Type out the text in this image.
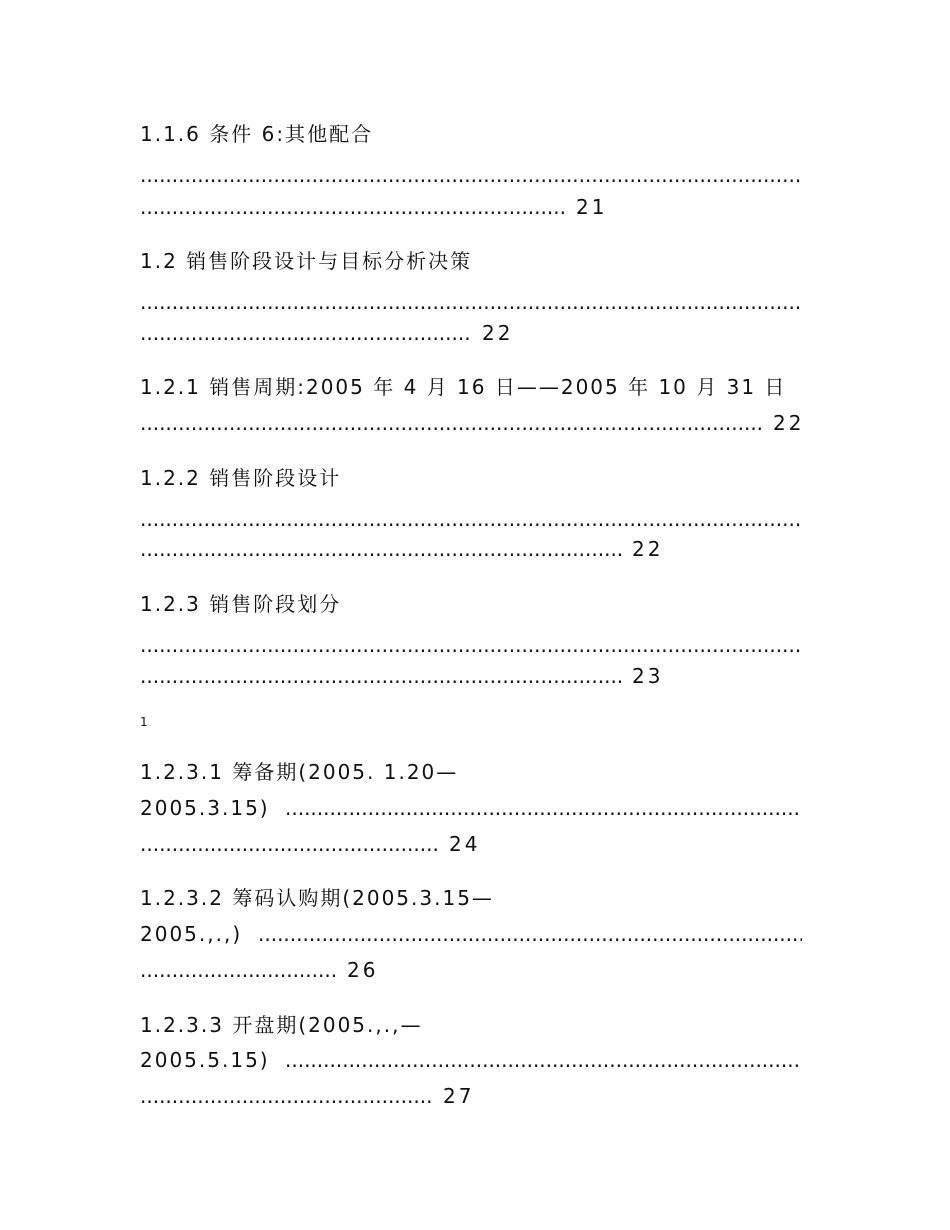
1.1.6 条件 6:其他配合
.....
.....
21
1.2 销售阶段设计与目标分析决策
.....
.....
22
1.2.1 销售周期:2005 年 4 月 16 日——2005 年 10 月 31 日
.....
22
1.2.2 销售阶段设计
.....
.....
22
1.2.3 销售阶段划分
.....
.....
23
1
1.2.3.1 筹备期(2005. 1.20—
2005.3.15)
.....
.....
24
1.2.3.2 筹码认购期(2005.3.15—
2005.,.,)
.....
.....
26
1.2.3.3 开盘期(2005.,.,—
2005.5.15)
.....
.....
27
